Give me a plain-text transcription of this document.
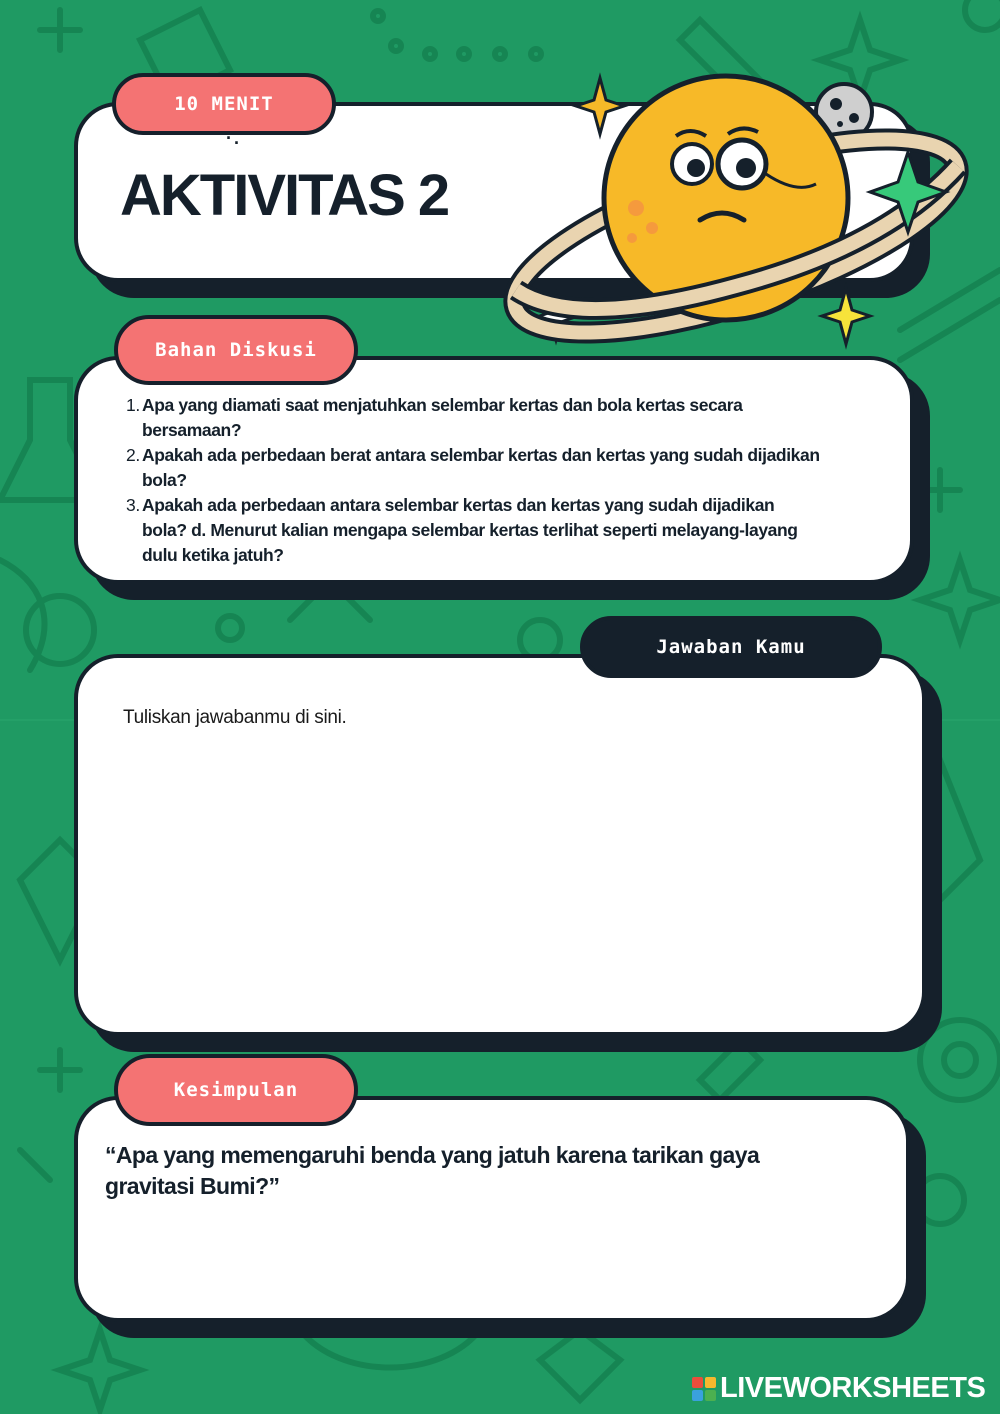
10 MENIT
·.
AKTIVITAS 2
Bahan Diskusi
1. Apa yang diamati saat menjatuhkan selembar kertas dan bola kertas secara bersamaan?
2. Apakah ada perbedaan berat antara selembar kertas dan kertas yang sudah dijadikan bola?
3. Apakah ada perbedaan antara selembar kertas dan kertas yang sudah dijadikan bola? d. Menurut kalian mengapa selembar kertas terlihat seperti melayang-layang dulu ketika jatuh?
Jawaban Kamu
Tuliskan jawabanmu di sini.
Kesimpulan

“Apa yang memengaruhi benda yang jatuh karena tarikan gaya gravitasi Bumi?”

LIVEWORKSHEETS
